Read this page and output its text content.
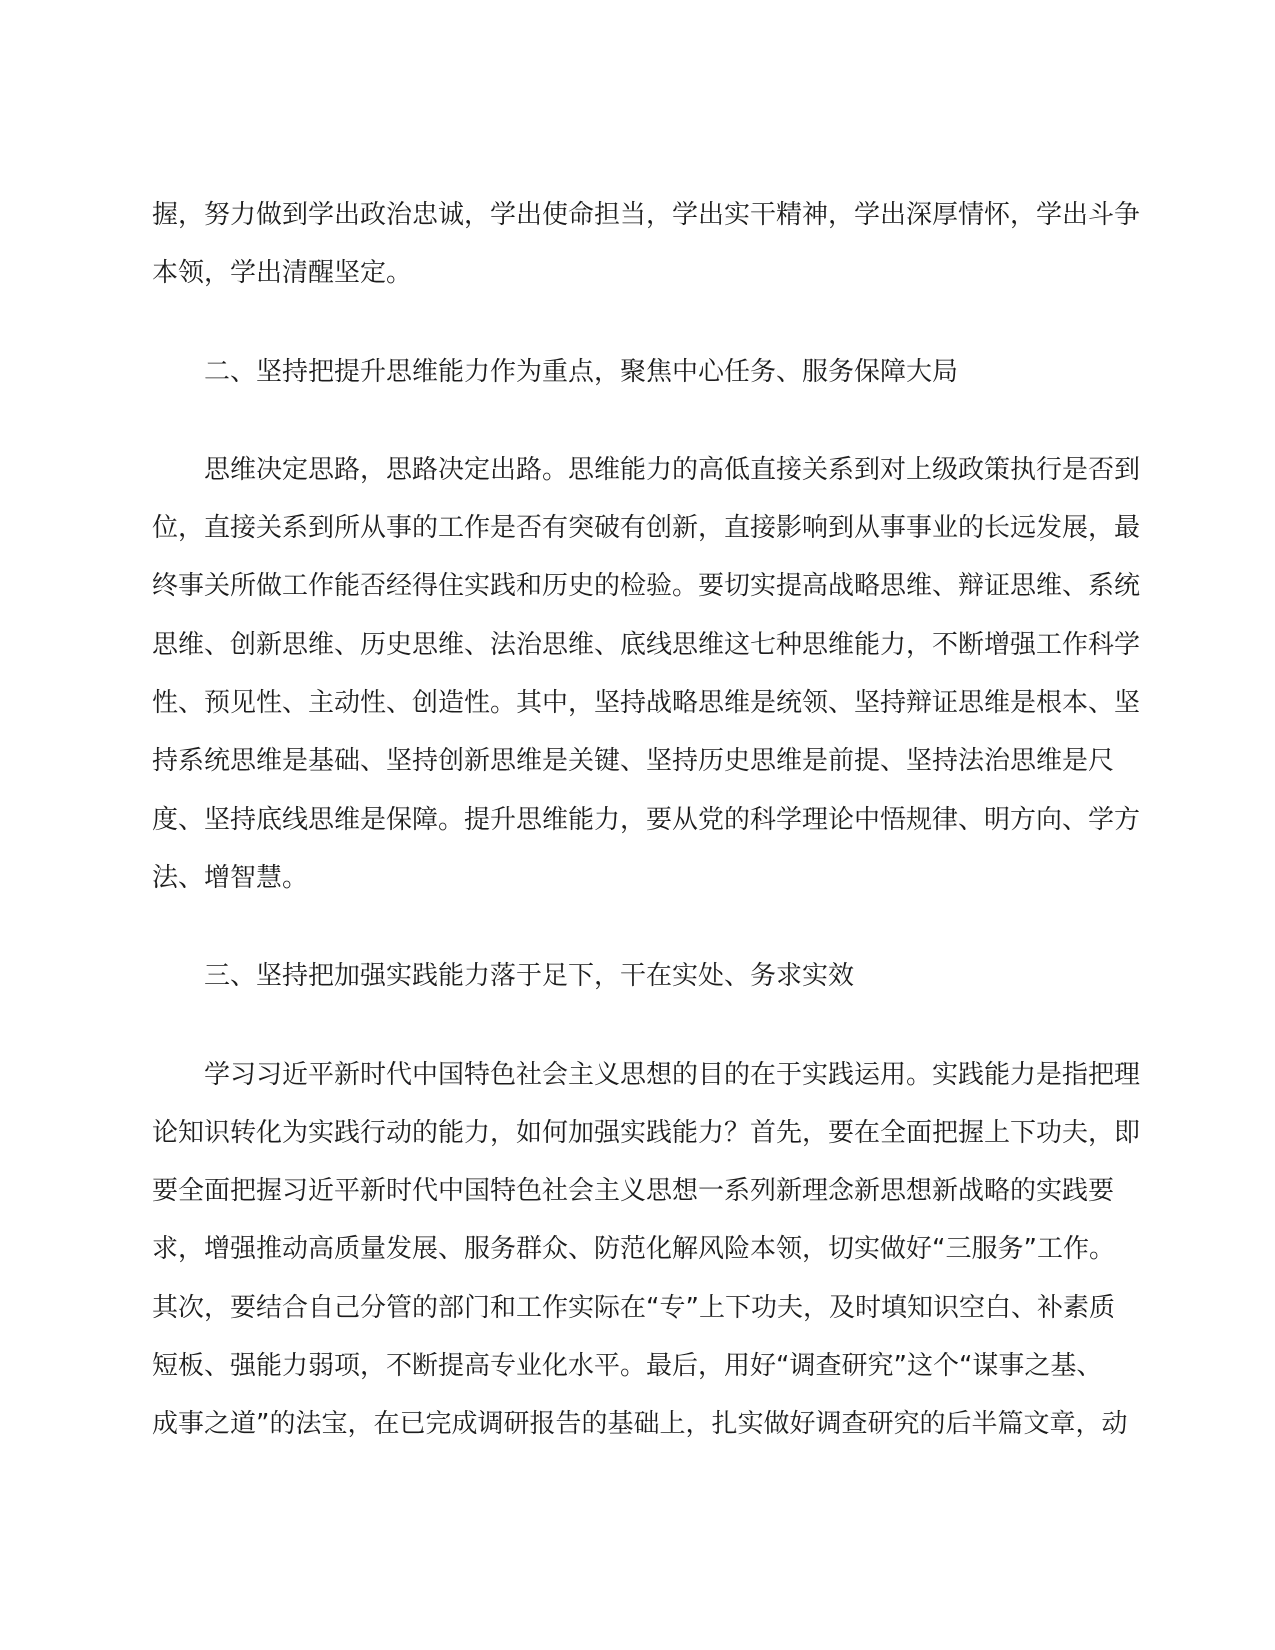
握，努力做到学出政治忠诚，学出使命担当，学出实干精神，学出深厚情怀，学出斗争
本领，学出清醒坚定。
二、坚持把提升思维能力作为重点，聚焦中心任务、服务保障大局
思维决定思路，思路决定出路。思维能力的高低直接关系到对上级政策执行是否到
位，直接关系到所从事的工作是否有突破有创新，直接影响到从事事业的长远发展，最
终事关所做工作能否经得住实践和历史的检验。要切实提高战略思维、辩证思维、系统
思维、创新思维、历史思维、法治思维、底线思维这七种思维能力，不断增强工作科学
性、预见性、主动性、创造性。其中，坚持战略思维是统领、坚持辩证思维是根本、坚
持系统思维是基础、坚持创新思维是关键、坚持历史思维是前提、坚持法治思维是尺
度、坚持底线思维是保障。提升思维能力，要从党的科学理论中悟规律、明方向、学方
法、增智慧。
三、坚持把加强实践能力落于足下，干在实处、务求实效
学习习近平新时代中国特色社会主义思想的目的在于实践运用。实践能力是指把理
论知识转化为实践行动的能力，如何加强实践能力？首先，要在全面把握上下功夫，即
要全面把握习近平新时代中国特色社会主义思想一系列新理念新思想新战略的实践要
求，增强推动高质量发展、服务群众、防范化解风险本领，切实做好“三服务”工作。
其次，要结合自己分管的部门和工作实际在“专”上下功夫，及时填知识空白、补素质
短板、强能力弱项，不断提高专业化水平。最后，用好“调查研究”这个“谋事之基、
成事之道”的法宝，在已完成调研报告的基础上，扎实做好调查研究的后半篇文章，动
